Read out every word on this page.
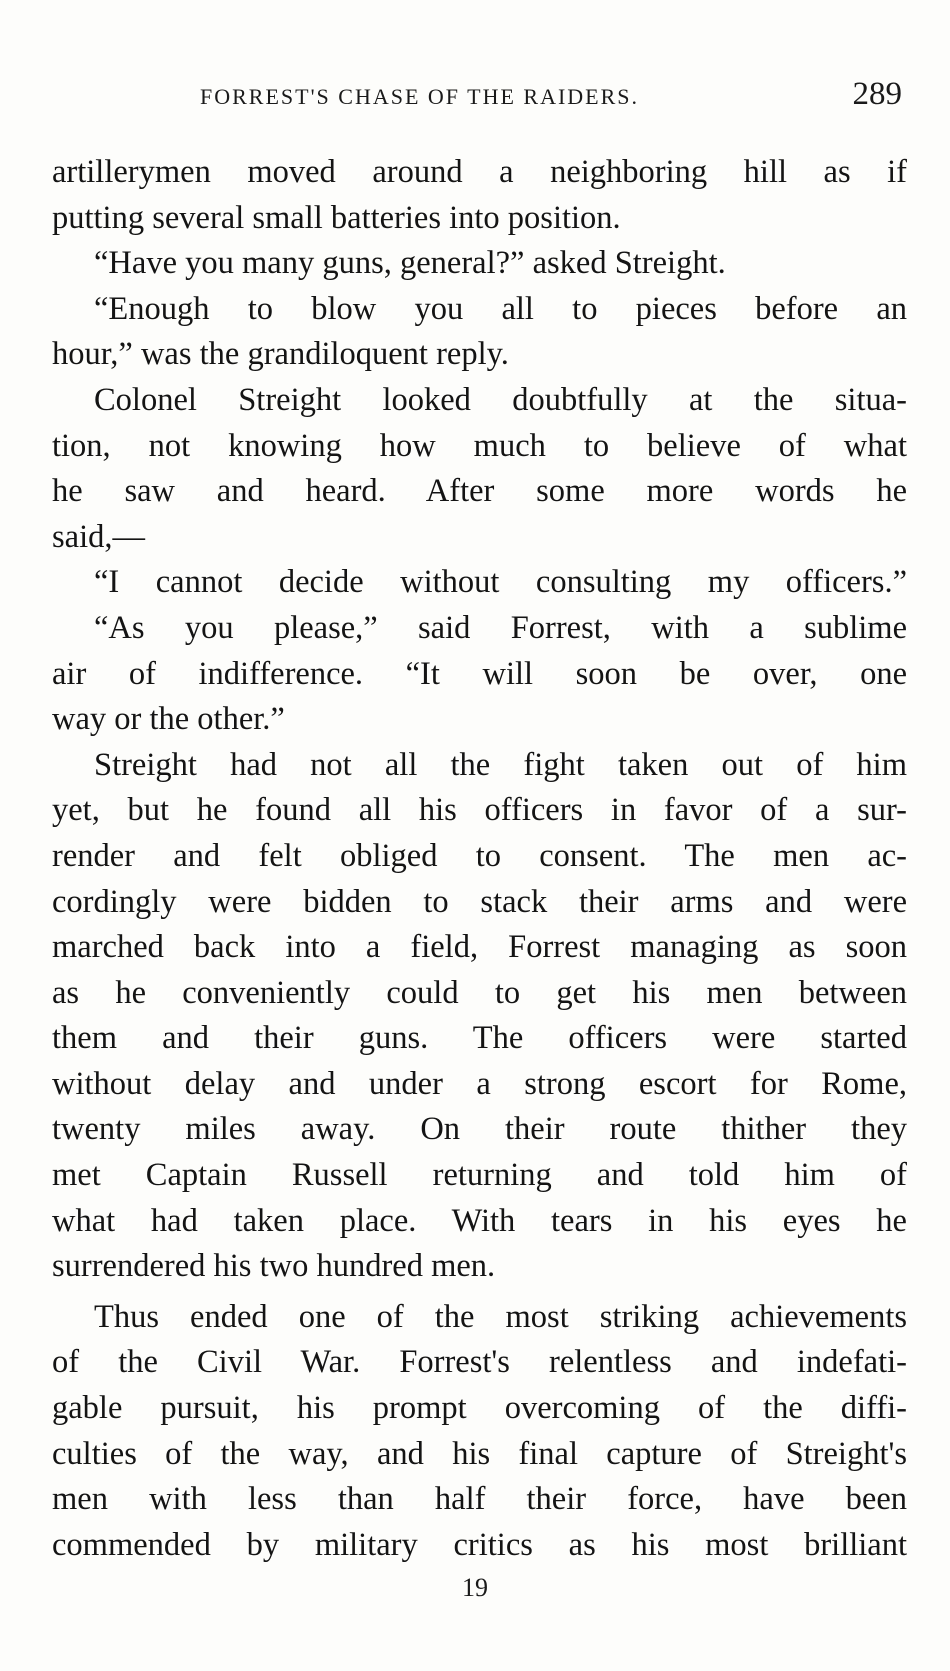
FORREST'S CHASE OF THE RAIDERS.	289
artillerymen moved around a neighboring hill as if
putting several small batteries into position.
“Have you many guns, general?” asked Streight.
“Enough to blow you all to pieces before an
hour,” was the grandiloquent reply.
Colonel Streight looked doubtfully at the situa-
tion, not knowing how much to believe of what
he saw and heard. After some more words he
said,—
“I cannot decide without consulting my officers.”
“As you please,” said Forrest, with a sublime
air of indifference. “It will soon be over, one
way or the other.”
Streight had not all the fight taken out of him
yet, but he found all his officers in favor of a sur-
render and felt obliged to consent. The men ac-
cordingly were bidden to stack their arms and were
marched back into a field, Forrest managing as soon
as he conveniently could to get his men between
them and their guns. The officers were started
without delay and under a strong escort for Rome,
twenty miles away. On their route thither they
met Captain Russell returning and told him of
what had taken place. With tears in his eyes he
surrendered his two hundred men.
Thus ended one of the most striking achievements
of the Civil War. Forrest's relentless and indefati-
gable pursuit, his prompt overcoming of the diffi-
culties of the way, and his final capture of Streight's
men with less than half their force, have been
commended by military critics as his most brilliant
19
